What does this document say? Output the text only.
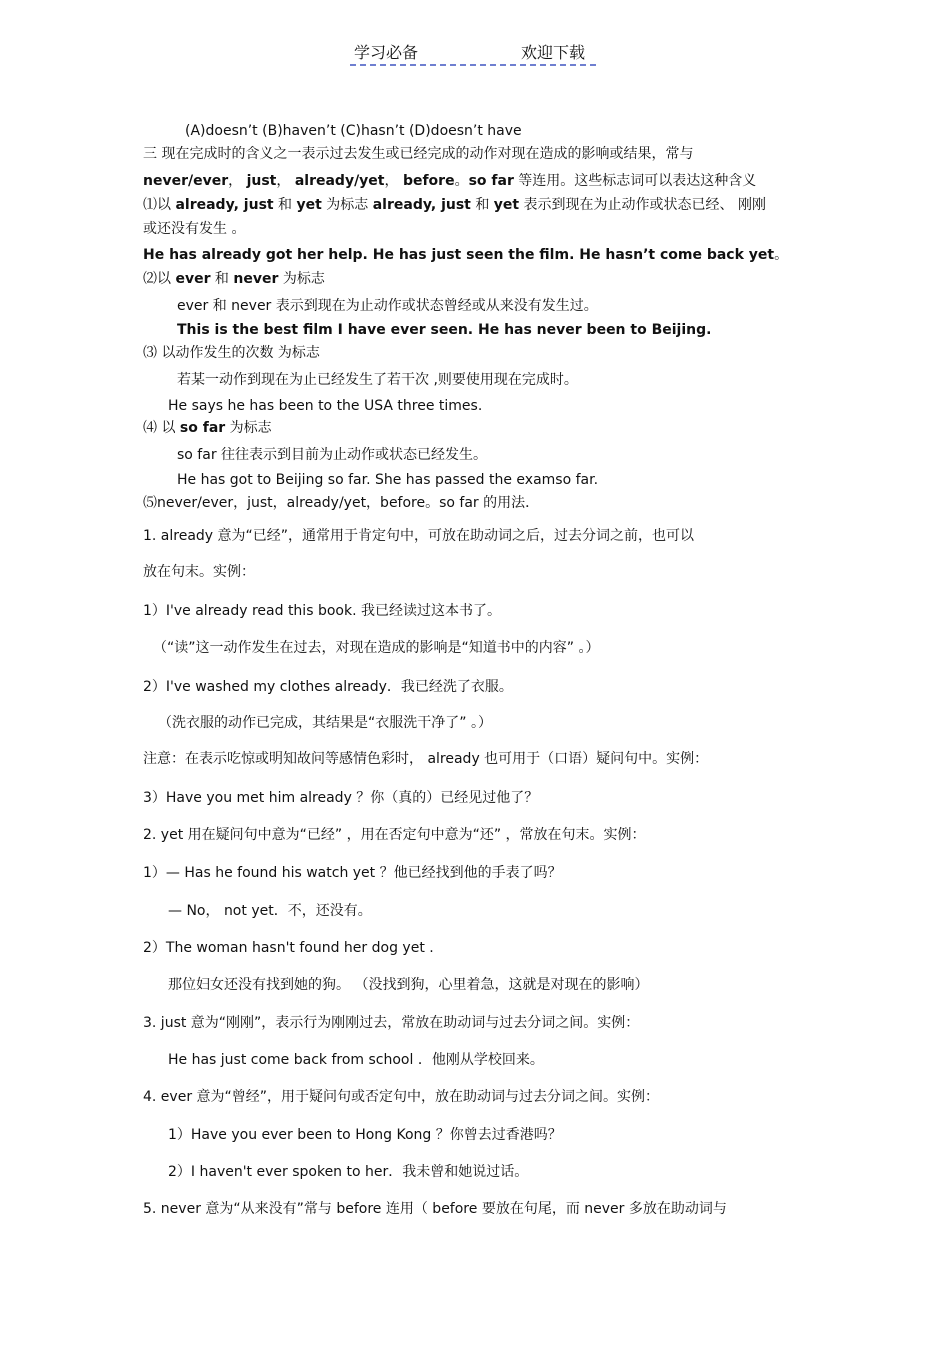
学习必备	欢迎下载
(A)doesn’t (B)haven’t (C)hasn’t (D)doesn’t have
三 现在完成时的含义之一表示过去发生或已经完成的动作对现在造成的影响或结果，常与
never/ever， just， already/yet， before。so far 等连用。这些标志词可以表达这种含义
⑴以 already, just 和 yet 为标志 already, just 和 yet 表示到现在为止动作或状态已经、 刚刚
或还没有发生 。
He has already got her help. He has just seen the film. He hasn’t come back yet。
⑵以 ever 和 never 为标志
ever 和 never 表示到现在为止动作或状态曾经或从来没有发生过。
This is the best film I have ever seen. He has never been to Beijing.
⑶ 以动作发生的次数 为标志
若某一动作到现在为止已经发生了若干次 ,则要使用现在完成时。
He says he has been to the USA three times.
⑷ 以 so far 为标志
so far 往往表示到目前为止动作或状态已经发生。
He has got to Beijing so far. She has passed the examso far.
⑸never/ever，just，already/yet，before。so far 的用法．
1. already 意为“已经”，通常用于肯定句中，可放在助动词之后，过去分词之前，也可以
放在句末。实例：
1）I've already read this book. 我已经读过这本书了。
（“读”这一动作发生在过去，对现在造成的影响是“知道书中的内容” 。）
2）I've washed my clothes already．我已经洗了衣服。
（洗衣服的动作已完成，其结果是“衣服洗干净了” 。）
注意：在表示吃惊或明知故问等感情色彩时， already 也可用于（口语）疑问句中。实例：
3）Have you met him already ？你（真的）已经见过他了？
2. yet 用在疑问句中意为“已经” ，用在否定句中意为“还” ，常放在句末。实例：
1）— Has he found his watch yet ？他已经找到他的手表了吗？
— No， not yet．不，还没有。
2）The woman hasn't found her dog yet .
那位妇女还没有找到她的狗。 （没找到狗，心里着急，这就是对现在的影响）
3. just 意为“刚刚”，表示行为刚刚过去，常放在助动词与过去分词之间。实例：
He has just come back from school ．他刚从学校回来。
4. ever 意为“曾经”，用于疑问句或否定句中，放在助动词与过去分词之间。实例：
1）Have you ever been to Hong Kong ？你曾去过香港吗？
2）I haven't ever spoken to her．我未曾和她说过话。
5. never 意为“从来没有”常与 before 连用（ before 要放在句尾，而 never 多放在助动词与
